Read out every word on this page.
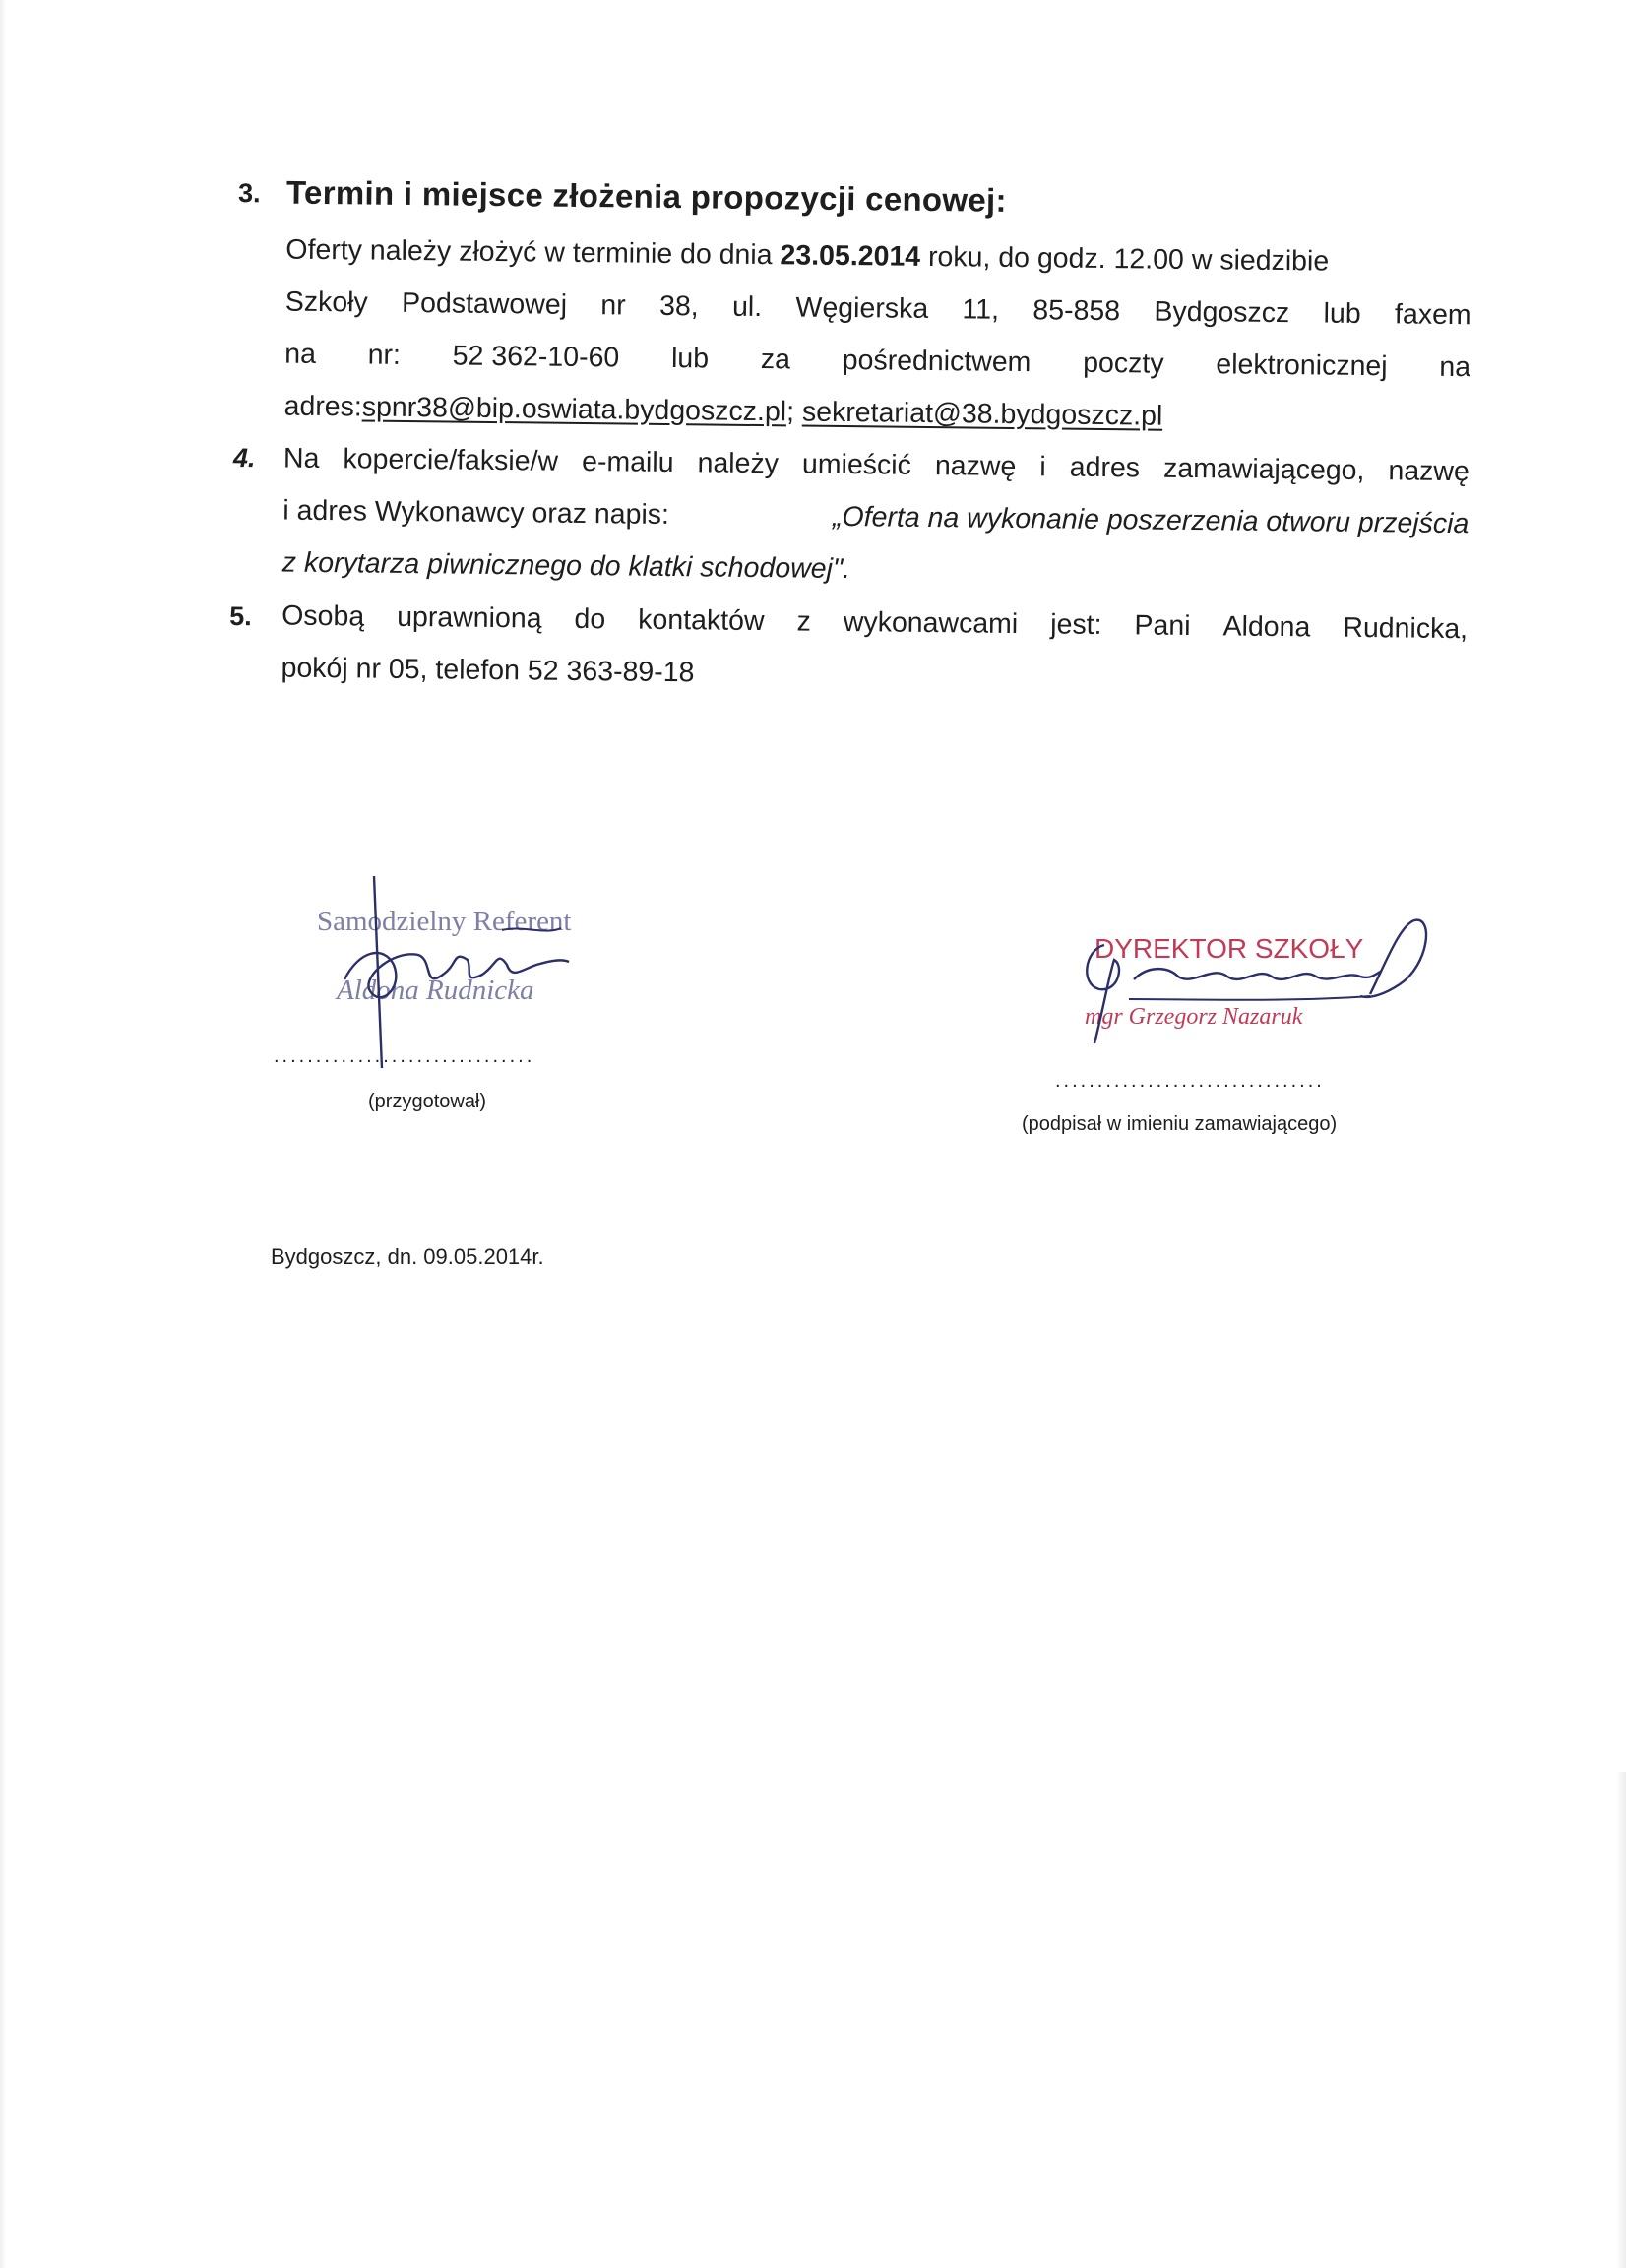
3. Termin i miejsce złożenia propozycji cenowej:
Oferty należy złożyć w terminie do dnia 23.05.2014 roku, do godz. 12.00 w siedzibie
Szkoły Podstawowej nr 38, ul. Węgierska 11, 85-858 Bydgoszcz lub faxem
na nr: 52 362-10-60 lub za pośrednictwem poczty elektronicznej na
adres:spnr38@bip.oswiata.bydgoszcz.pl; sekretariat@38.bydgoszcz.pl
4. Na kopercie/faksie/w e-mailu należy umieścić nazwę i adres zamawiającego, nazwę
i adres Wykonawcy oraz napis:	„Oferta na wykonanie poszerzenia otworu przejścia
z korytarza piwnicznego do klatki schodowej".
5. Osobą uprawnioną do kontaktów z wykonawcami jest: Pani Aldona Rudnicka,
pokój nr 05, telefon 52 363-89-18
Samodzielny Referent
Aldona Rudnicka
...............................
(przygotował)
DYREKTOR SZKOŁY
mgr Grzegorz Nazaruk
................................
(podpisał w imieniu zamawiającego)
Bydgoszcz, dn. 09.05.2014r.
